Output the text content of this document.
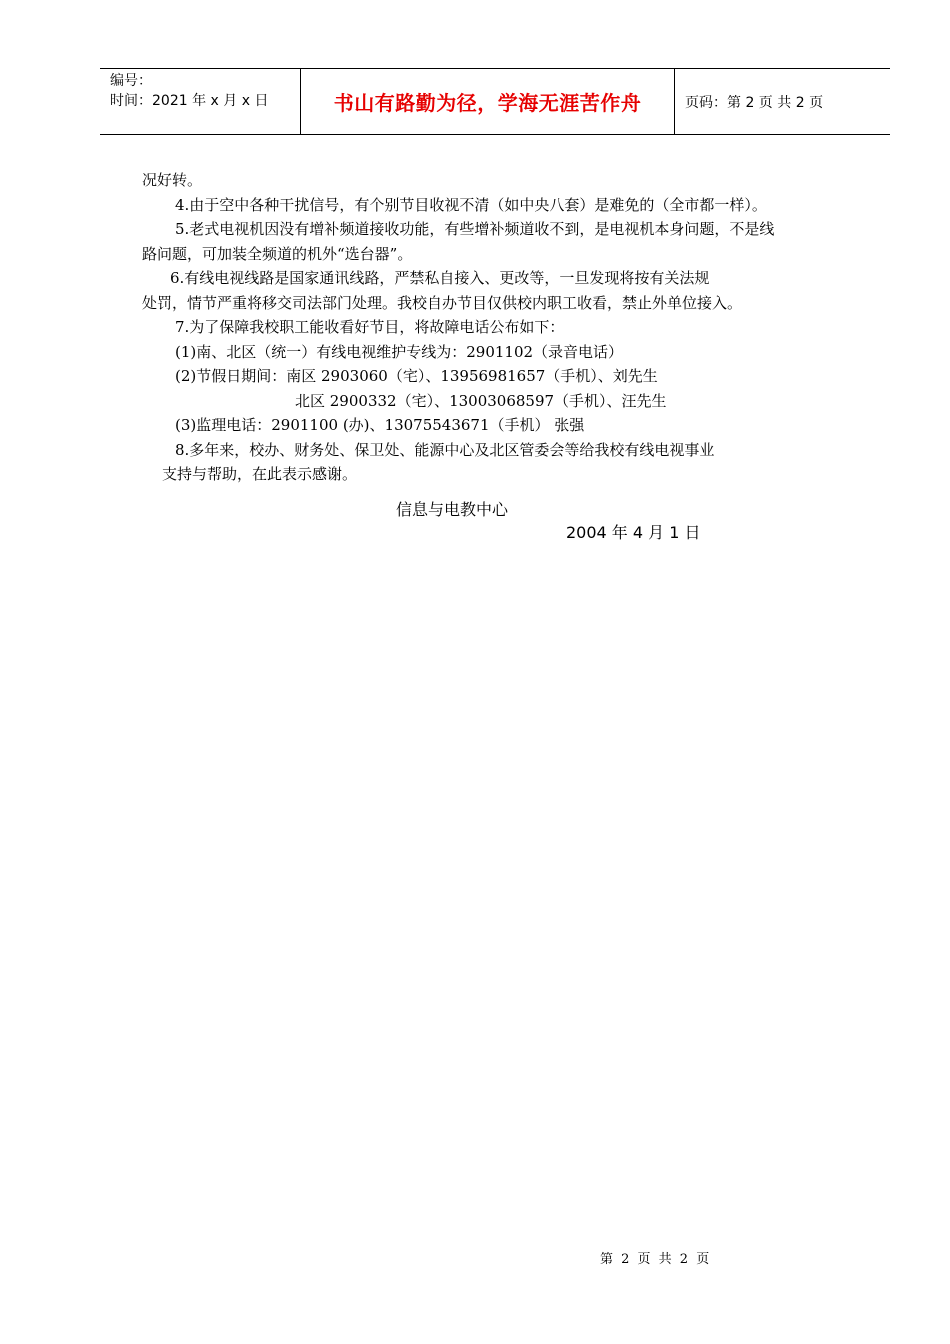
编号：
时间：2021 年 x 月 x 日	书山有路勤为径，学海无涯苦作舟	页码：第 2 页 共 2 页

况好转。

4.由于空中各种干扰信号，有个别节目收视不清（如中央八套）是难免的（全市都一样）。

5.老式电视机因没有增补频道接收功能，有些增补频道收不到，是电视机本身问题，不是线

路问题，可加装全频道的机外“选台器”。

6.有线电视线路是国家通讯线路，严禁私自接入、更改等，一旦发现将按有关法规

处罚，情节严重将移交司法部门处理。我校自办节目仅供校内职工收看，禁止外单位接入。

7.为了保障我校职工能收看好节目，将故障电话公布如下：

(1)南、北区（统一）有线电视维护专线为：2901102（录音电话）

(2)节假日期间：南区 2903060（宅）、13956981657（手机）、刘先生

北区 2900332（宅）、13003068597（手机）、汪先生

(3)监理电话：2901100 (办)、13075543671（手机） 张强

8.多年来，校办、财务处、保卫处、能源中心及北区管委会等给我校有线电视事业

支持与帮助，在此表示感谢。

信息与电教中心
2004 年 4 月 1 日
第 2 页 共 2 页
